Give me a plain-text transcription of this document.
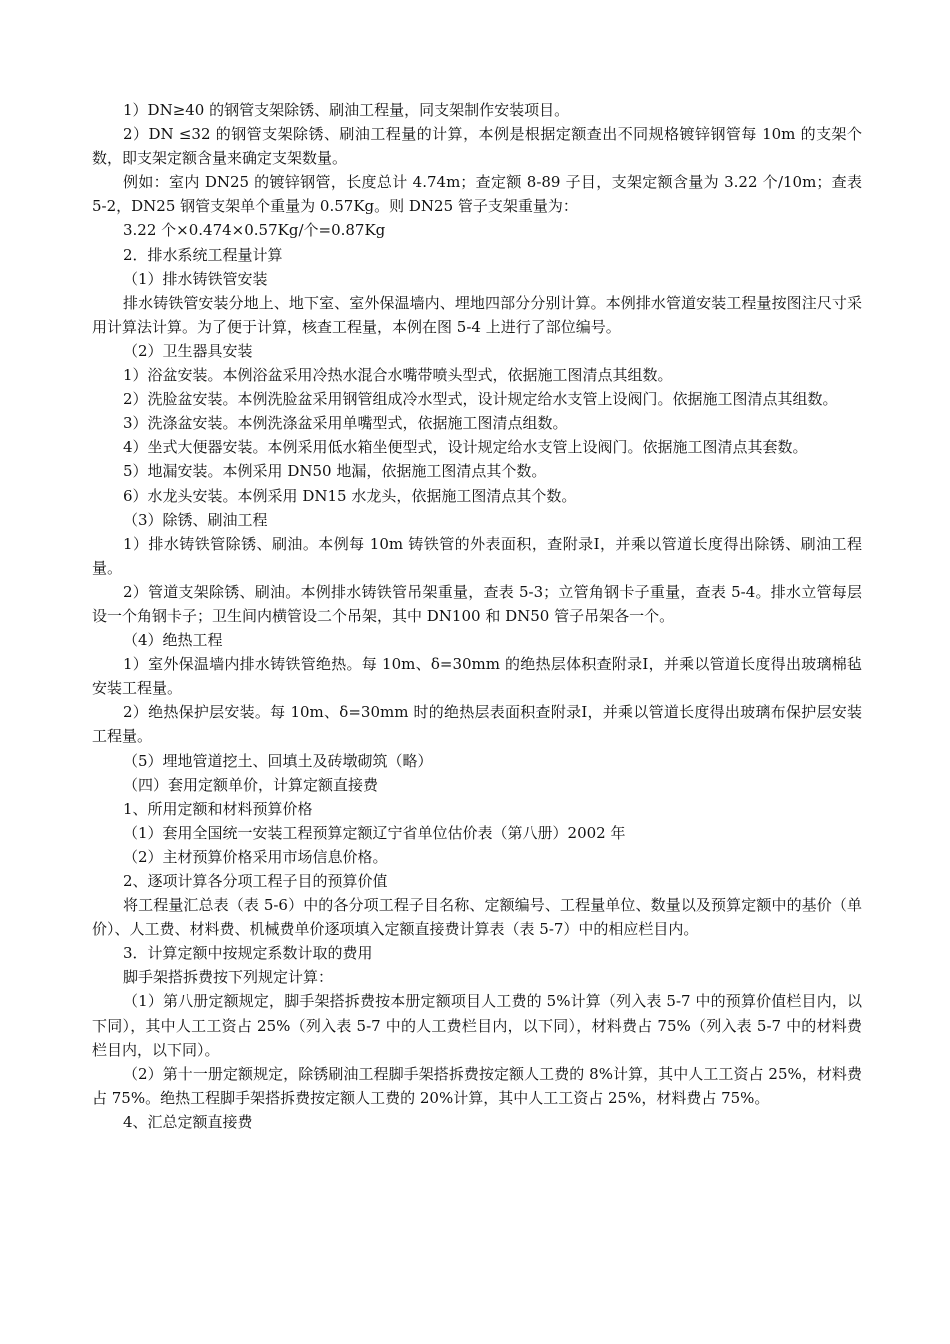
1）DN≥40 的钢管支架除锈、刷油工程量，同支架制作安装项目。

2）DN ≤32 的钢管支架除锈、刷油工程量的计算，本例是根据定额查出不同规格镀锌钢管每 10m 的支架个数，即支架定额含量来确定支架数量。

例如：室内 DN25 的镀锌钢管，长度总计 4.74m；查定额 8-89 子目，支架定额含量为 3.22 个/10m；查表 5-2，DN25 钢管支架单个重量为 0.57Kg。则 DN25 管子支架重量为：

3.22 个×0.474×0.57Kg/个=0.87Kg

2．排水系统工程量计算

（1）排水铸铁管安装

排水铸铁管安装分地上、地下室、室外保温墙内、埋地四部分分别计算。本例排水管道安装工程量按图注尺寸采用计算法计算。为了便于计算，核查工程量，本例在图 5-4 上进行了部位编号。

（2）卫生器具安装

1）浴盆安装。本例浴盆采用冷热水混合水嘴带喷头型式，依据施工图清点其组数。

2）洗脸盆安装。本例洗脸盆采用钢管组成冷水型式，设计规定给水支管上设阀门。依据施工图清点其组数。

3）洗涤盆安装。本例洗涤盆采用单嘴型式，依据施工图清点组数。

4）坐式大便器安装。本例采用低水箱坐便型式，设计规定给水支管上设阀门。依据施工图清点其套数。

5）地漏安装。本例采用 DN50 地漏，依据施工图清点其个数。

6）水龙头安装。本例采用 DN15 水龙头，依据施工图清点其个数。

（3）除锈、刷油工程

1）排水铸铁管除锈、刷油。本例每 10m 铸铁管的外表面积，查附录Ⅰ，并乘以管道长度得出除锈、刷油工程量。

2）管道支架除锈、刷油。本例排水铸铁管吊架重量，查表 5-3；立管角钢卡子重量，查表 5-4。排水立管每层设一个角钢卡子；卫生间内横管设二个吊架，其中 DN100 和 DN50 管子吊架各一个。

（4）绝热工程

1）室外保温墙内排水铸铁管绝热。每 10m、δ=30mm 的绝热层体积查附录Ⅰ，并乘以管道长度得出玻璃棉毡安装工程量。

2）绝热保护层安装。每 10m、δ=30mm 时的绝热层表面积查附录Ⅰ，并乘以管道长度得出玻璃布保护层安装工程量。

（5）埋地管道挖土、回填土及砖墩砌筑（略）

（四）套用定额单价，计算定额直接费

1、所用定额和材料预算价格

（1）套用全国统一安装工程预算定额辽宁省单位估价表（第八册）2002 年

（2）主材预算价格采用市场信息价格。

2、逐项计算各分项工程子目的预算价值

将工程量汇总表（表 5-6）中的各分项工程子目名称、定额编号、工程量单位、数量以及预算定额中的基价（单价）、人工费、材料费、机械费单价逐项填入定额直接费计算表（表 5-7）中的相应栏目内。

3．计算定额中按规定系数计取的费用

脚手架搭拆费按下列规定计算：

（1）第八册定额规定，脚手架搭拆费按本册定额项目人工费的 5%计算（列入表 5-7 中的预算价值栏目内，以下同），其中人工工资占 25%（列入表 5-7 中的人工费栏目内，以下同），材料费占 75%（列入表 5-7 中的材料费栏目内，以下同）。

（2）第十一册定额规定，除锈刷油工程脚手架搭拆费按定额人工费的 8%计算，其中人工工资占 25%，材料费占 75%。绝热工程脚手架搭拆费按定额人工费的 20%计算，其中人工工资占 25%，材料费占 75%。

4、汇总定额直接费
